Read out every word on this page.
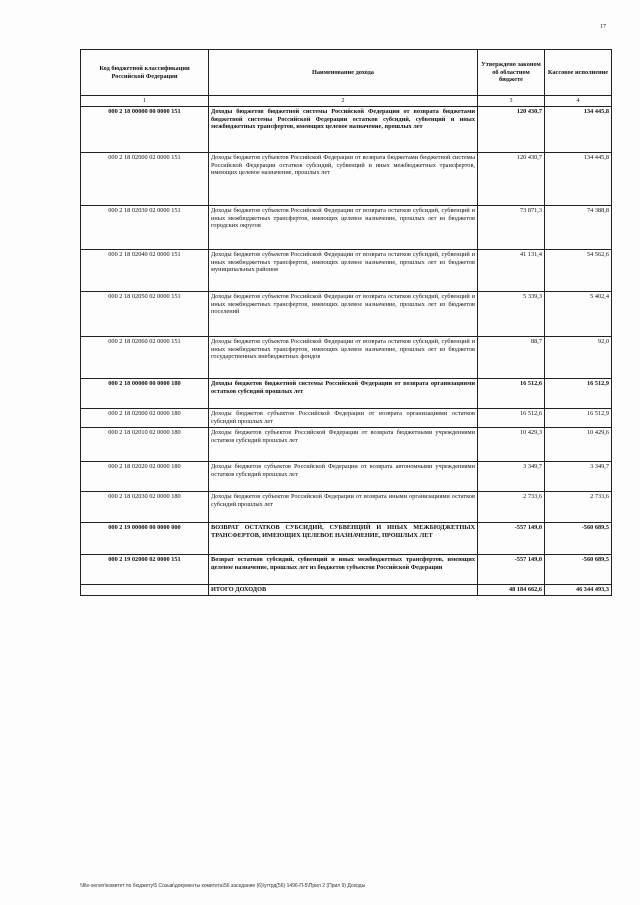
17
Код бюджетной классификации Российской Федерации	Наименование дохода	Утверждено законом об областном бюджете	Кассовое исполнение
1	2	3	4
000 2 18 00000 00 0000 151	Доходы бюджетов бюджетной системы Российской Федерации от возврата бюджетами бюджетной системы Российской Федерации остатков субсидий, субвенций и иных межбюджетных трансфертов, имеющих целевое назначение, прошлых лет	120 430,7	134 445,8
000 2 18 02000 02 0000 151	Доходы бюджетов субъектов Российской Федерации от возврата бюджетами бюджетной системы Российской Федерации остатков субсидий, субвенций и иных межбюджетных трансфертов, имеющих целевое назначение, прошлых лет	120 430,7	134 445,8
000 2 18 02030 02 0000 151	Доходы бюджетов субъектов Российской Федерации от возврата остатков субсидий, субвенций и иных межбюджетных трансфертов, имеющих целевое назначение, прошлых лет из бюджетов городских округов	73 871,3	74 388,8
000 2 18 02040 02 0000 151	Доходы бюджетов субъектов Российской Федерации от возврата остатков субсидий, субвенций и иных межбюджетных трансфертов, имеющих целевое назначение, прошлых лет из бюджетов муниципальных районов	41 131,4	54 562,6
000 2 18 02050 02 0000 151	Доходы бюджетов субъектов Российской Федерации от возврата остатков субсидий, субвенций и иных межбюджетных трансфертов, имеющих целевое назначение, прошлых лет из бюджетов поселений	5 339,3	5 402,4
000 2 18 02060 02 0000 151	Доходы бюджетов субъектов Российской Федерации от возврата остатков субсидий, субвенций и иных межбюджетных трансфертов, имеющих целевое назначение, прошлых лет из бюджетов государственных внебюджетных фондов	88,7	92,0
000 2 18 00000 00 0000 180	Доходы бюджетов бюджетной системы Российской Федерации от возврата организациями остатков субсидий прошлых лет	16 512,6	16 512,9
000 2 18 02000 02 0000 180	Доходы бюджетов субъектов Российской Федерации от возврата организациями остатков субсидий прошлых лет	16 512,6	16 512,9
000 2 18 02010 02 0000 180	Доходы бюджетов субъектов Российской Федерации от возврата бюджетными учреждениями остатков субсидий прошлых лет	10 429,3	10 429,6
000 2 18 02020 02 0000 180	Доходы бюджетов субъектов Российской Федерации от возврата автономными учреждениями остатков субсидий прошлых лет	3 349,7	3 349,7
000 2 18 02030 02 0000 180	Доходы бюджетов субъектов Российской Федерации от возврата иными организациями остатков субсидий прошлых лет	2 733,6	2 733,6
000 2 19 00000 00 0000 000	ВОЗВРАТ ОСТАТКОВ СУБСИДИЙ, СУБВЕНЦИЙ И ИНЫХ МЕЖБЮДЖЕТНЫХ ТРАНСФЕРТОВ, ИМЕЮЩИХ ЦЕЛЕВОЕ НАЗНАЧЕНИЕ, ПРОШЛЫХ ЛЕТ	-557 149,0	-560 689,5
000 2 19 02000 02 0000 151	Возврат остатков субсидий, субвенций и иных межбюджетных трансфертов, имеющих целевое назначение, прошлых лет из бюджетов субъектов Российской Федерации	-557 149,0	-560 689,5
	ИТОГО ДОХОДОВ	48 184 662,6	46 344 493,3
\\file-server\комитет по бюджету\5 Созыв\документы комитета\56 заседание (6)\угтрд(56) 1496-П-5\Прил 2 (Прил 9) Доходы
